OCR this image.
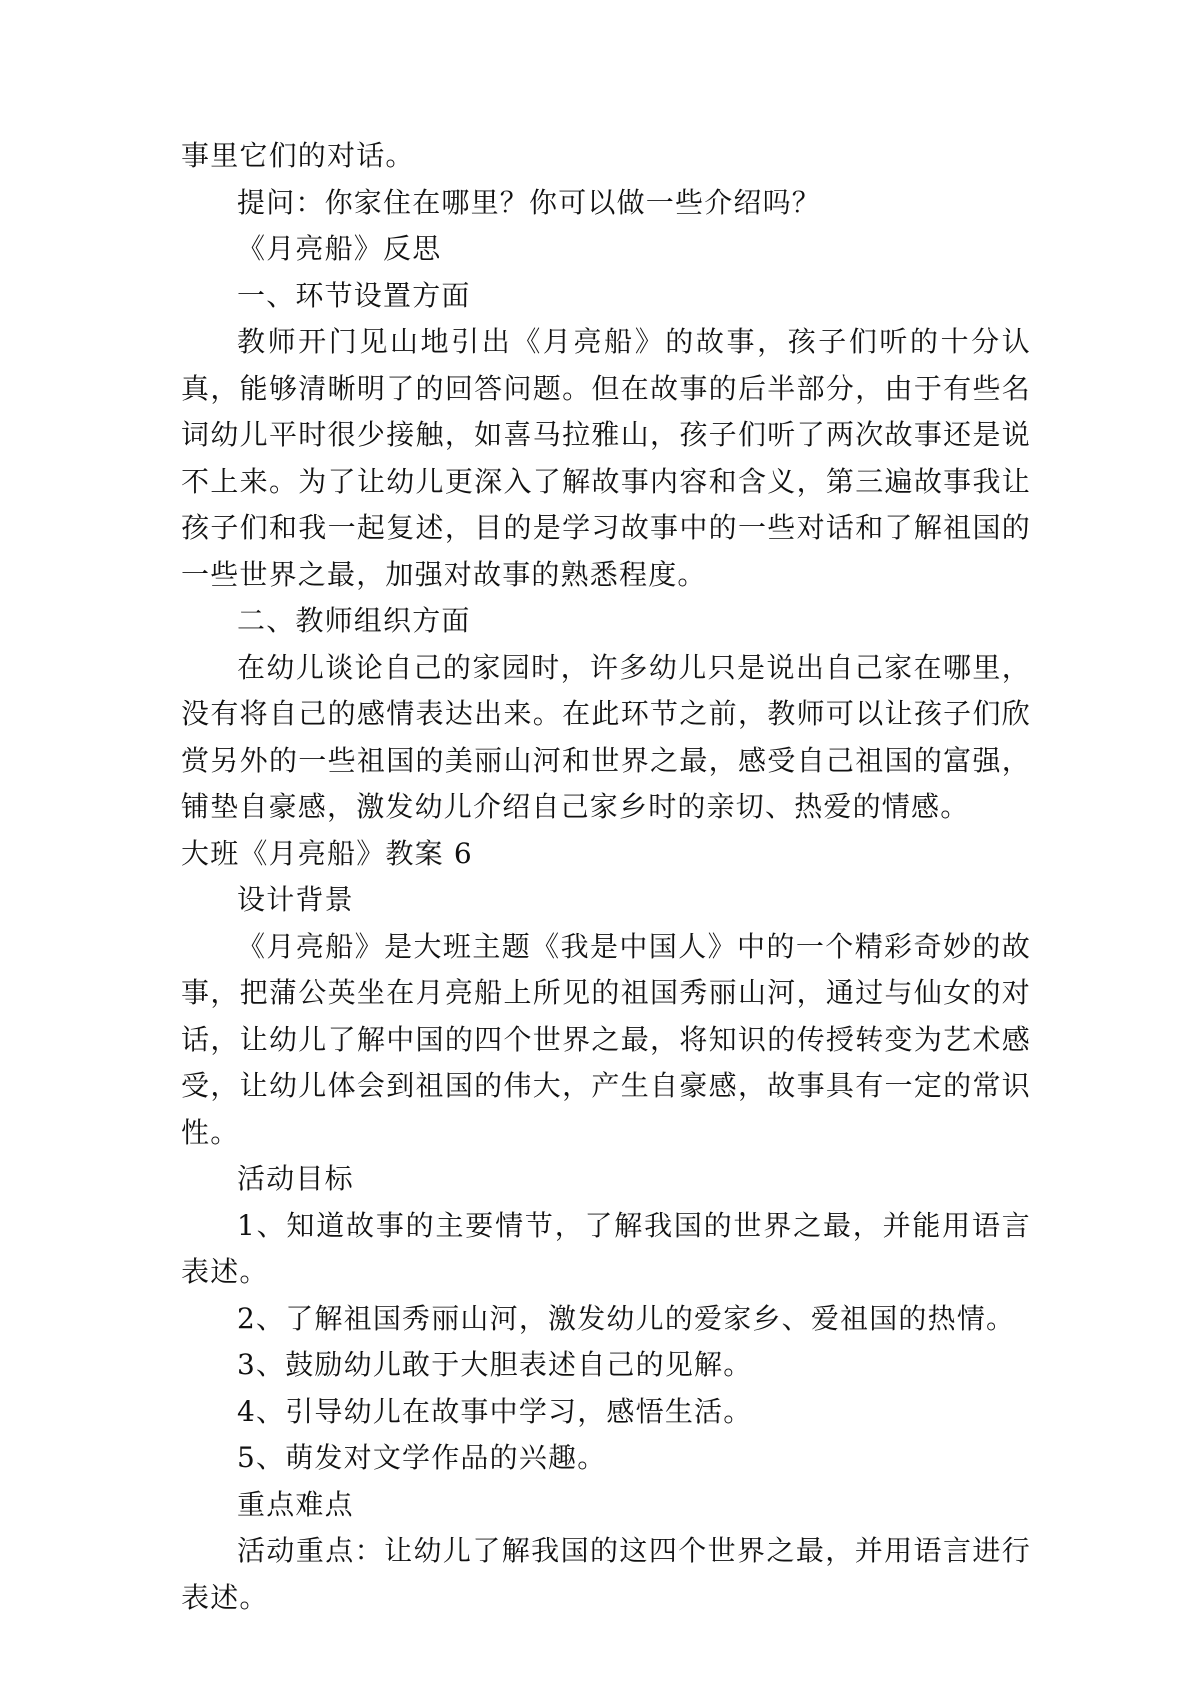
事里它们的对话。

提问：你家住在哪里？你可以做一些介绍吗？

《月亮船》反思

一、环节设置方面

教师开门见山地引出《月亮船》的故事，孩子们听的十分认真，能够清晰明了的回答问题。但在故事的后半部分，由于有些名词幼儿平时很少接触，如喜马拉雅山，孩子们听了两次故事还是说不上来。为了让幼儿更深入了解故事内容和含义，第三遍故事我让孩子们和我一起复述，目的是学习故事中的一些对话和了解祖国的一些世界之最，加强对故事的熟悉程度。

二、教师组织方面

在幼儿谈论自己的家园时，许多幼儿只是说出自己家在哪里，没有将自己的感情表达出来。在此环节之前，教师可以让孩子们欣赏另外的一些祖国的美丽山河和世界之最，感受自己祖国的富强，铺垫自豪感，激发幼儿介绍自己家乡时的亲切、热爱的情感。

大班《月亮船》教案 6

设计背景

《月亮船》是大班主题《我是中国人》中的一个精彩奇妙的故事，把蒲公英坐在月亮船上所见的祖国秀丽山河，通过与仙女的对话，让幼儿了解中国的四个世界之最，将知识的传授转变为艺术感受，让幼儿体会到祖国的伟大，产生自豪感，故事具有一定的常识性。

活动目标

1、知道故事的主要情节，了解我国的世界之最，并能用语言表述。

2、了解祖国秀丽山河，激发幼儿的爱家乡、爱祖国的热情。

3、鼓励幼儿敢于大胆表述自己的见解。

4、引导幼儿在故事中学习，感悟生活。

5、萌发对文学作品的兴趣。

重点难点

活动重点：让幼儿了解我国的这四个世界之最，并用语言进行表述。
